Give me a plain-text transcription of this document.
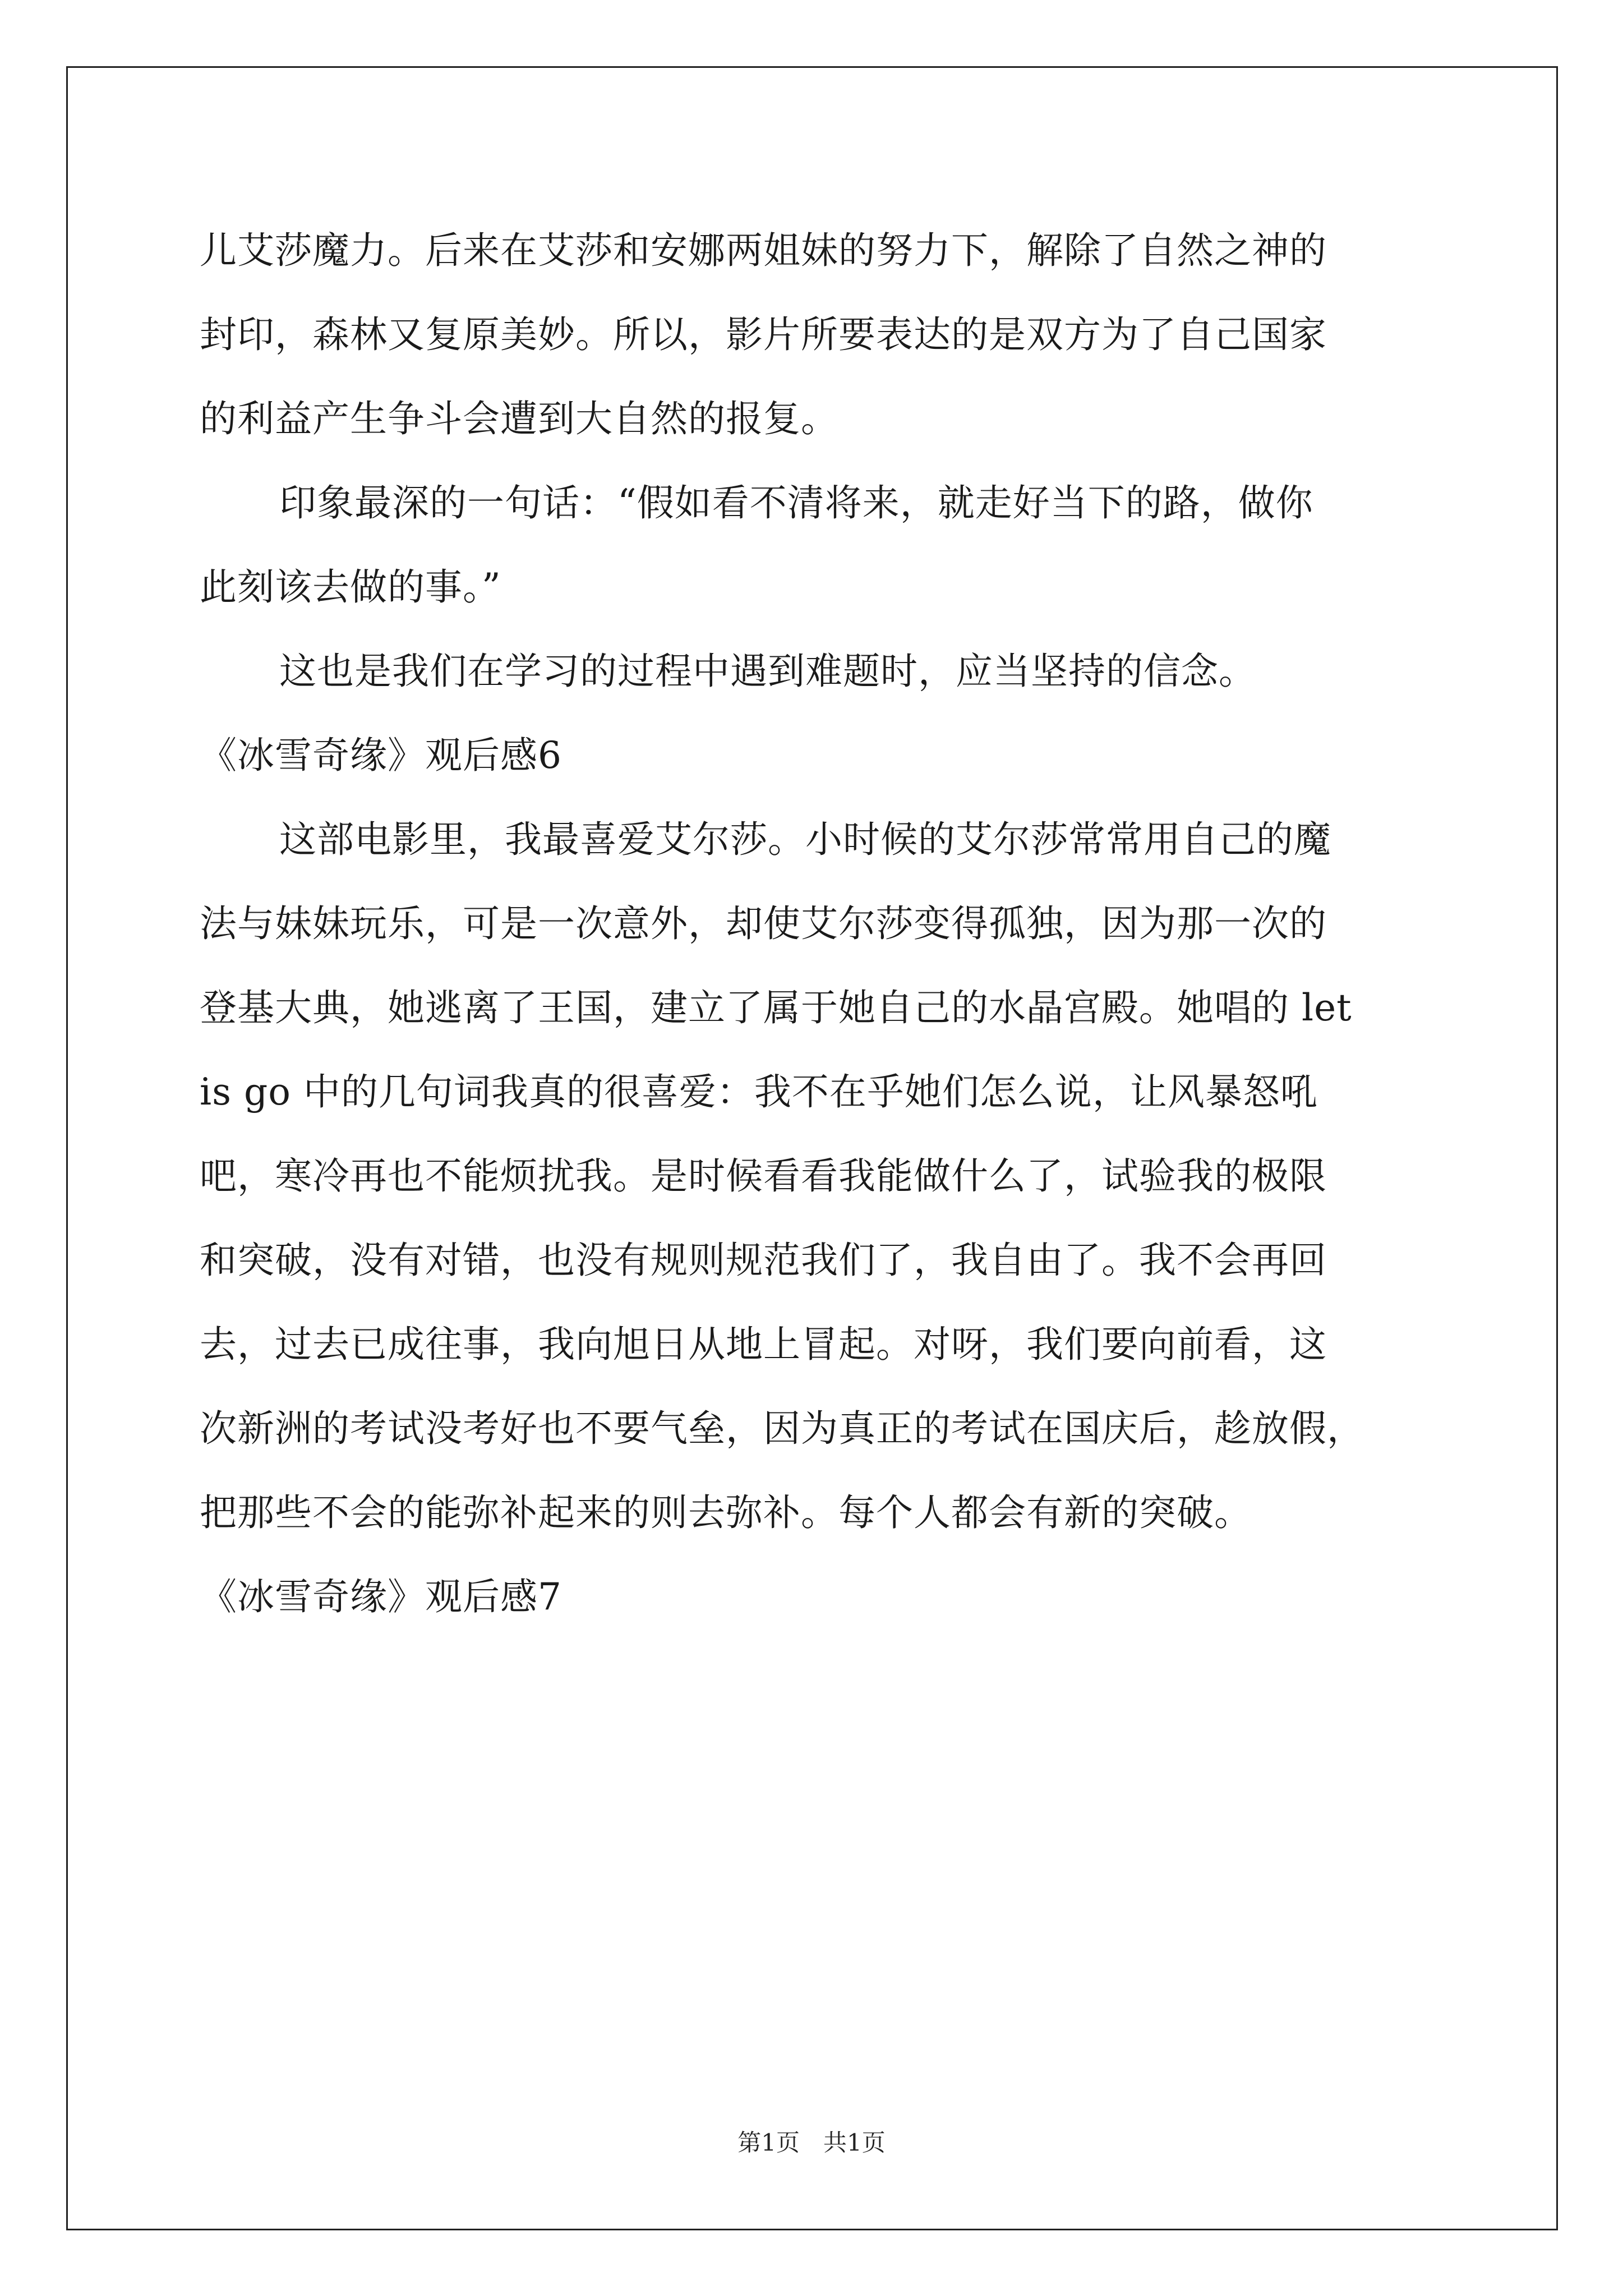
儿艾莎魔力。后来在艾莎和安娜两姐妹的努力下，解除了自然之神的
封印，森林又复原美妙。所以，影片所要表达的是双方为了自己国家
的利益产生争斗会遭到大自然的报复。
印象最深的一句话：“假如看不清将来，就走好当下的路，做你
此刻该去做的事。”
这也是我们在学习的过程中遇到难题时，应当坚持的信念。
《冰雪奇缘》观后感6
这部电影里，我最喜爱艾尔莎。小时候的艾尔莎常常用自己的魔
法与妹妹玩乐，可是一次意外，却使艾尔莎变得孤独，因为那一次的
登基大典，她逃离了王国，建立了属于她自己的水晶宫殿。她唱的 let
is go 中的几句词我真的很喜爱：我不在乎她们怎么说，让风暴怒吼
吧，寒冷再也不能烦扰我。是时候看看我能做什么了，试验我的极限
和突破，没有对错，也没有规则规范我们了，我自由了。我不会再回
去，过去已成往事，我向旭日从地上冒起。对呀，我们要向前看，这
次新洲的考试没考好也不要气垒，因为真正的考试在国庆后，趁放假，
把那些不会的能弥补起来的则去弥补。每个人都会有新的突破。
《冰雪奇缘》观后感7
第1页　共1页
